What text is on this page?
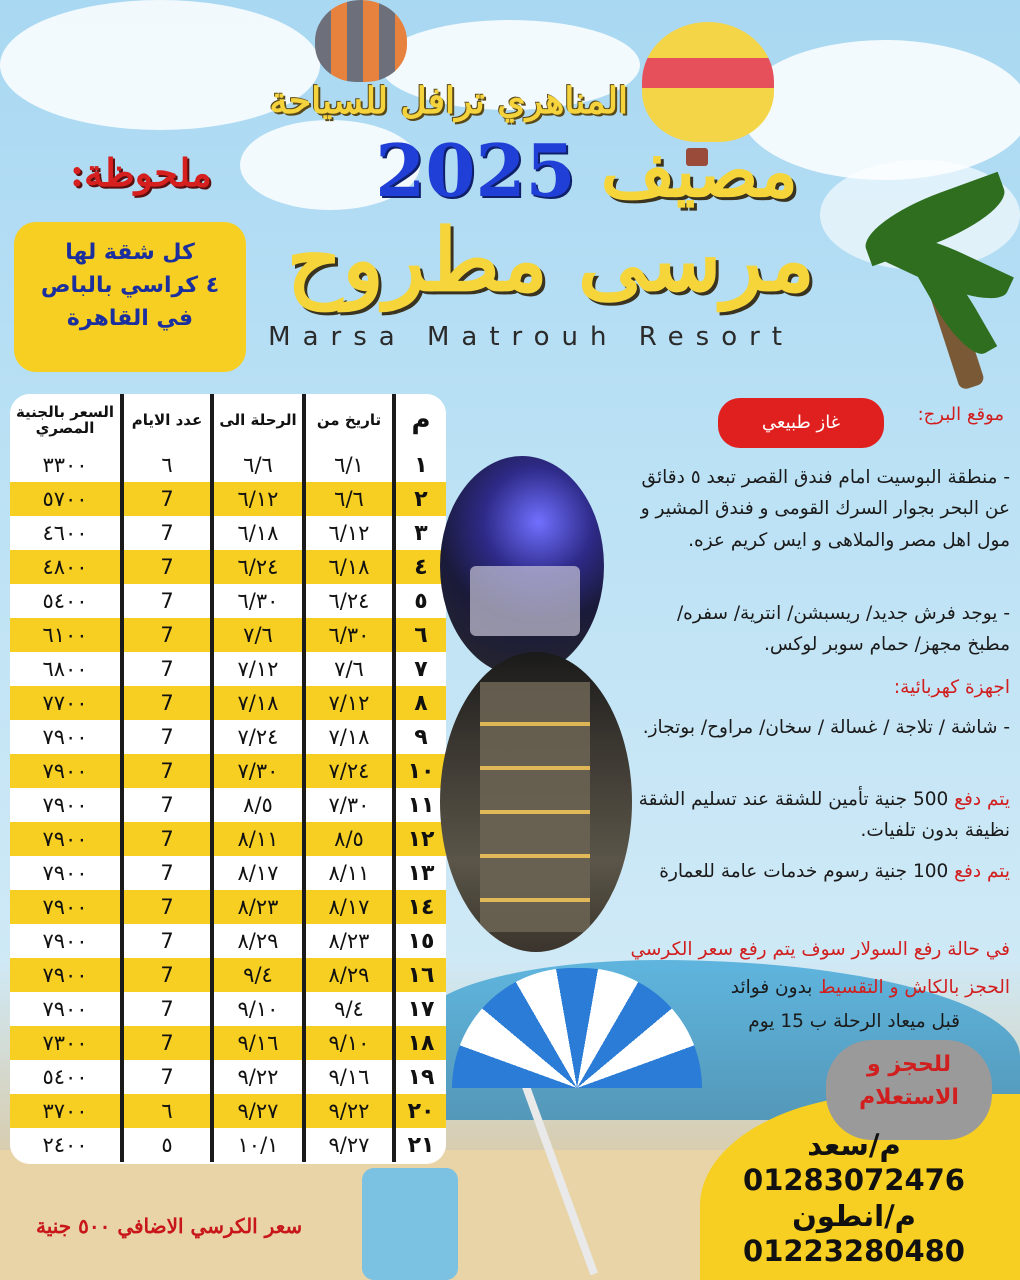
المناهري ترافل للسياحة
مصيف 2025
مرسى مطروح
Marsa Matrouh Resort
ملحوظة:

كل شقة لها

٤ كراسي بالباص

في القاهرة

م	تاريخ من	الرحلة الى	عدد الايام	السعر بالجنية المصري
١	٦/١	٦/٦	٦	٣٣٠٠
٢	٦/٦	٦/١٢	7	٥٧٠٠
٣	٦/١٢	٦/١٨	7	٤٦٠٠
٤	٦/١٨	٦/٢٤	7	٤٨٠٠
٥	٦/٢٤	٦/٣٠	7	٥٤٠٠
٦	٦/٣٠	٧/٦	7	٦١٠٠
٧	٧/٦	٧/١٢	7	٦٨٠٠
٨	٧/١٢	٧/١٨	7	٧٧٠٠
٩	٧/١٨	٧/٢٤	7	٧٩٠٠
١٠	٧/٢٤	٧/٣٠	7	٧٩٠٠
١١	٧/٣٠	٨/٥	7	٧٩٠٠
١٢	٨/٥	٨/١١	7	٧٩٠٠
١٣	٨/١١	٨/١٧	7	٧٩٠٠
١٤	٨/١٧	٨/٢٣	7	٧٩٠٠
١٥	٨/٢٣	٨/٢٩	7	٧٩٠٠
١٦	٨/٢٩	٩/٤	7	٧٩٠٠
١٧	٩/٤	٩/١٠	7	٧٩٠٠
١٨	٩/١٠	٩/١٦	7	٧٣٠٠
١٩	٩/١٦	٩/٢٢	7	٥٤٠٠
٢٠	٩/٢٢	٩/٢٧	٦	٣٧٠٠
٢١	٩/٢٧	١٠/١	٥	٢٤٠٠
موقع البرج:
غاز طبيعي
- منطقة البوسيت امام فندق القصر تبعد ٥ دقائق عن البحر بجوار السرك القومى و فندق المشير و مول اهل مصر والملاهى و ايس كريم عزه.
- يوجد فرش جديد/ ريسبشن/ انترية/ سفره/ مطبخ مجهز/ حمام سوبر لوكس.
اجهزة كهربائية:
- شاشة / تلاجة / غسالة / سخان/ مراوح/ بوتجاز.
يتم دفع 500 جنية تأمين للشقة عند تسليم الشقة نظيفة بدون تلفيات.
يتم دفع 100 جنية رسوم خدمات عامة للعمارة
في حالة رفع السولار سوف يتم رفع سعر الكرسي
الحجز بالكاش و التقسيط بدون فوائد
قبل ميعاد الرحلة ب 15 يوم
للحجز و الاستعلام
م/سعد
01283072476
م/انطون
01223280480
سعر الكرسي الاضافي ٥٠٠ جنية
